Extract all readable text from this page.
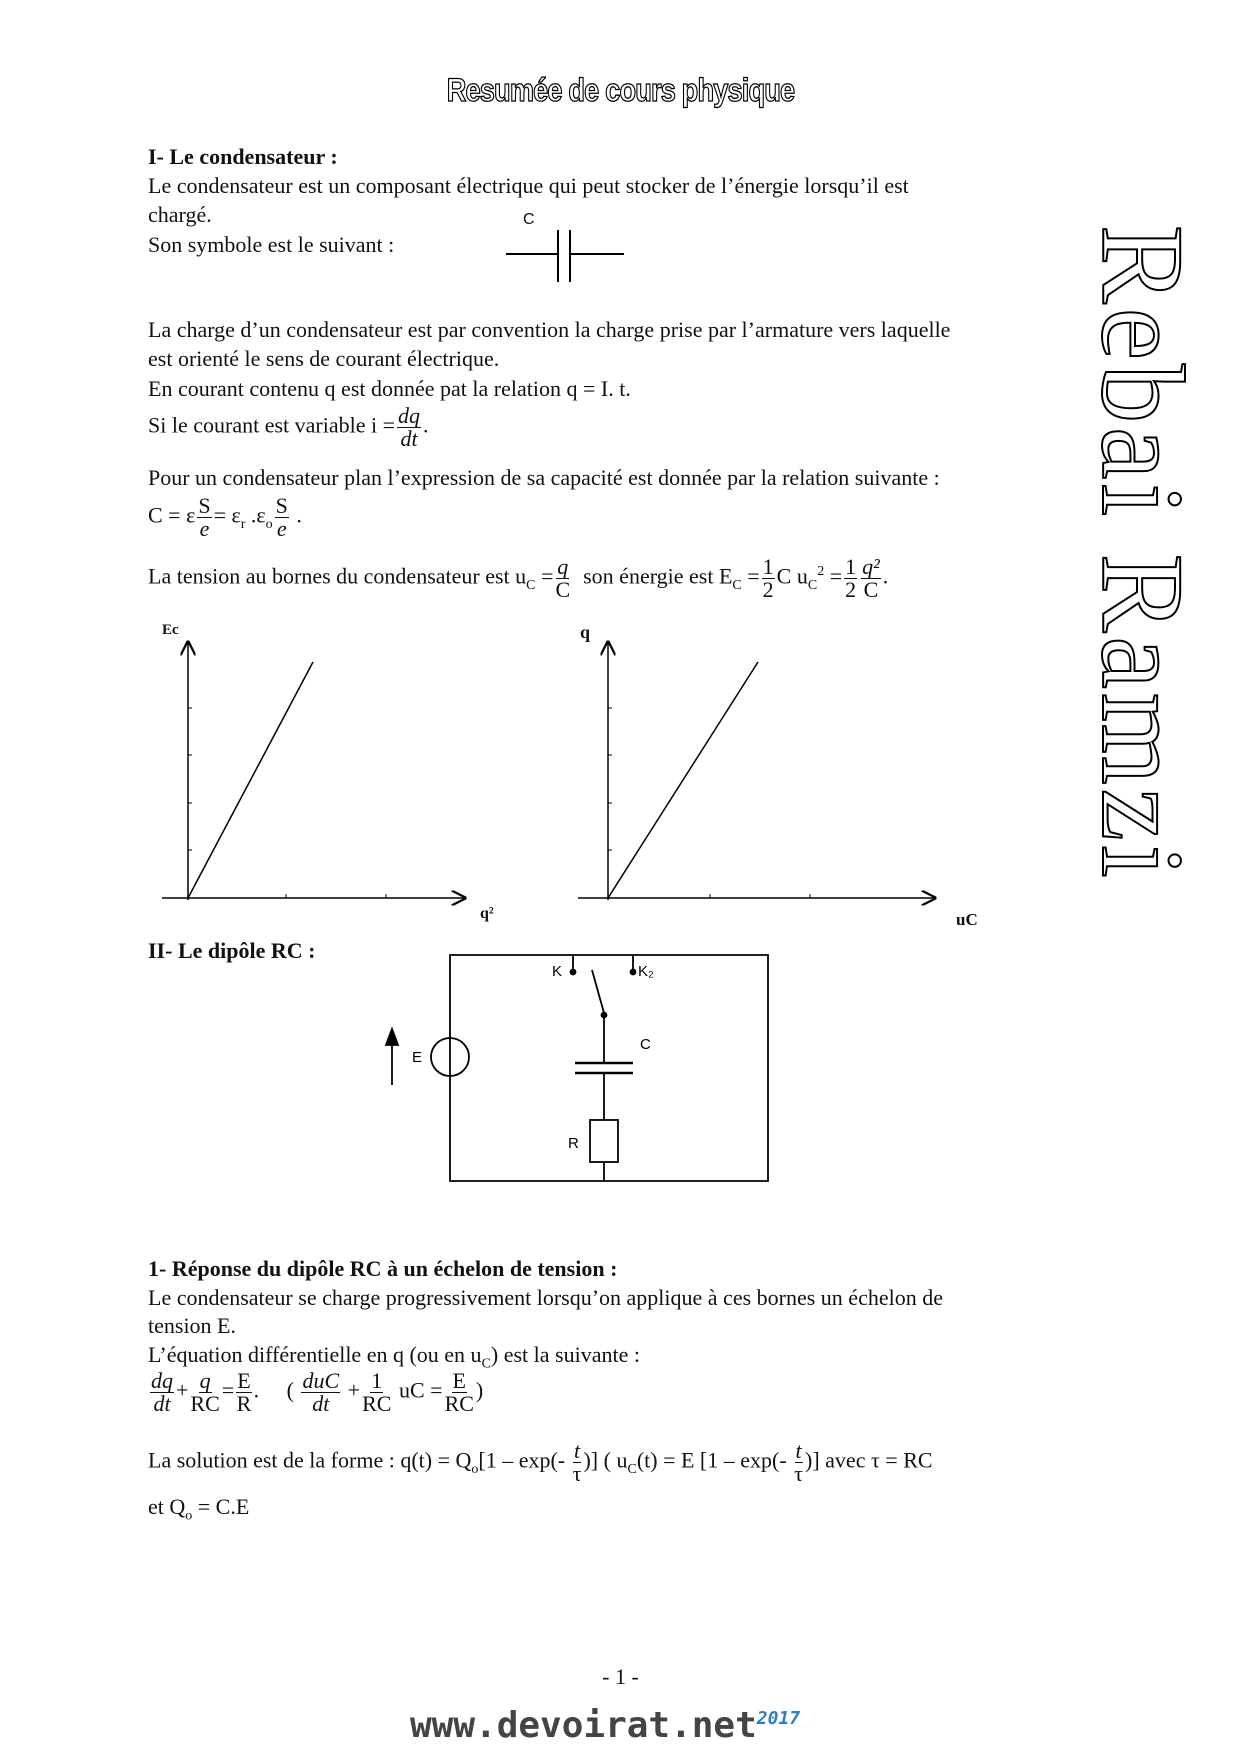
Resumée de cours physique
Rebai Ramzi
I- Le condensateur :
Le condensateur est un composant électrique qui peut stocker de l’énergie lorsqu’il est
chargé.
Son symbole est le suivant :
C
La charge d’un condensateur est par convention la charge prise par l’armature vers laquelle
est orienté le sens de courant électrique.
En courant contenu q est donnée pat la relation q = I. t.
Si le courant est variable $i = \frac{dq}{dt}$ .
Pour un condensateur plan l’expression de sa capacité est donnée par la relation suivante :
C = ε $\frac{S}{e} = \varepsilon_r$ $.\varepsilon_o \frac{S}{e}$ .
La tension au bornes du condensateur est $u_C = \frac{q}{C}$ son énergie est $E_C = \frac{1}{2}$ C $u_C^2 = \frac{1}{2} \frac{\text{q²}}{C}$ .
Ec
q²
q
uC
II- Le dipôle RC :
K	K₂
E
C
R
1- Réponse du dipôle RC à un échelon de tension :
Le condensateur se charge progressivement lorsqu’on applique à ces bornes un échelon de
tension E.
L’équation différentielle en q (ou en $u_C$) est la suivante :
$\frac{dq}{dt} + \frac{q}{RC} = \frac{E}{R}$ .     ( $\frac{\text{duC}}{dt} + \frac{1}{RC}$ uC = $\frac{E}{RC}$ )
La solution est de la forme : $q(t) = Q_o[1 - \exp(- \frac{t}{\tau}$ )] ( $u_C(t) = E$ [$1 - \exp(- \frac{t}{\tau}$ )] avec τ = RC
et $Q_o = C.E$
- 1 -
www.devoirat.net$^{2017}$
